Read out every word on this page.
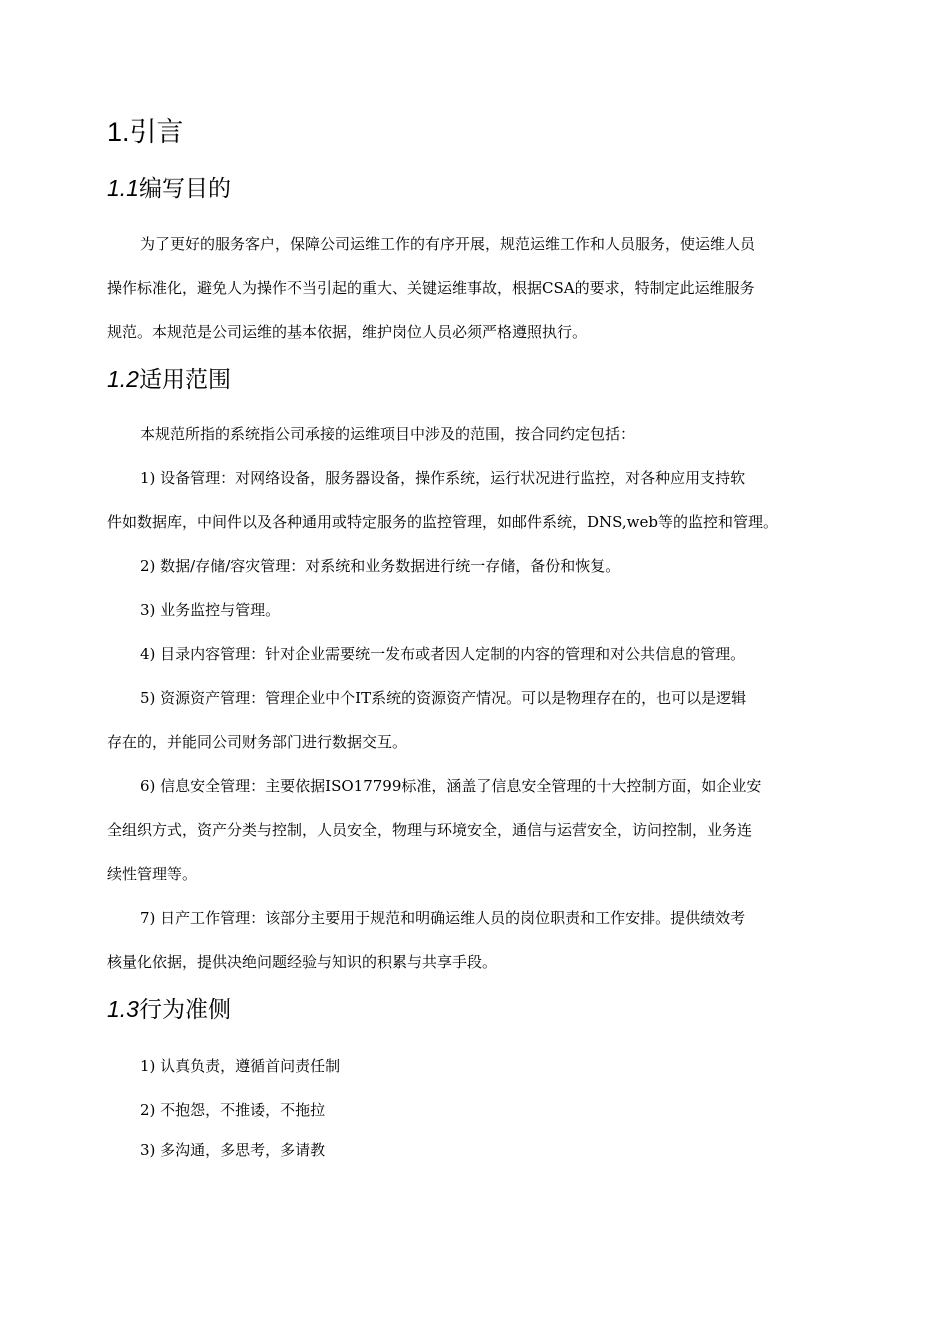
1.引言
1.1编写目的
为了更好的服务客户，保障公司运维工作的有序开展，规范运维工作和人员服务，使运维人员
操作标准化，避免人为操作不当引起的重大、关键运维事故，根据CSA的要求，特制定此运维服务
规范。本规范是公司运维的基本依据，维护岗位人员必须严格遵照执行。
1.2适用范围
本规范所指的系统指公司承接的运维项目中涉及的范围，按合同约定包括：
1) 设备管理：对网络设备，服务器设备，操作系统，运行状况进行监控，对各种应用支持软
件如数据库，中间件以及各种通用或特定服务的监控管理，如邮件系统，DNS,web等的监控和管理。
2) 数据/存储/容灾管理：对系统和业务数据进行统一存储，备份和恢复。
3) 业务监控与管理。
4) 目录内容管理：针对企业需要统一发布或者因人定制的内容的管理和对公共信息的管理。
5) 资源资产管理：管理企业中个IT系统的资源资产情况。可以是物理存在的，也可以是逻辑
存在的，并能同公司财务部门进行数据交互。
6) 信息安全管理：主要依据ISO17799标准，涵盖了信息安全管理的十大控制方面，如企业安
全组织方式，资产分类与控制，人员安全，物理与环境安全，通信与运营安全，访问控制，业务连
续性管理等。
7) 日产工作管理：该部分主要用于规范和明确运维人员的岗位职责和工作安排。提供绩效考
核量化依据，提供决绝问题经验与知识的积累与共享手段。
1.3行为准侧
1) 认真负责，遵循首问责任制
2) 不抱怨，不推诿，不拖拉
3) 多沟通，多思考，多请教
